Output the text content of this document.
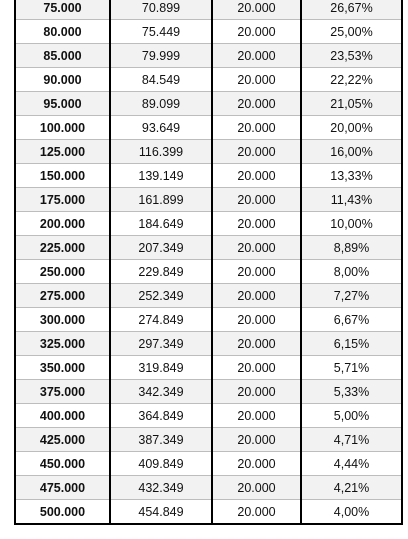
75.000	70.899	20.000	26,67%
80.000	75.449	20.000	25,00%
85.000	79.999	20.000	23,53%
90.000	84.549	20.000	22,22%
95.000	89.099	20.000	21,05%
100.000	93.649	20.000	20,00%
125.000	116.399	20.000	16,00%
150.000	139.149	20.000	13,33%
175.000	161.899	20.000	11,43%
200.000	184.649	20.000	10,00%
225.000	207.349	20.000	8,89%
250.000	229.849	20.000	8,00%
275.000	252.349	20.000	7,27%
300.000	274.849	20.000	6,67%
325.000	297.349	20.000	6,15%
350.000	319.849	20.000	5,71%
375.000	342.349	20.000	5,33%
400.000	364.849	20.000	5,00%
425.000	387.349	20.000	4,71%
450.000	409.849	20.000	4,44%
475.000	432.349	20.000	4,21%
500.000	454.849	20.000	4,00%
